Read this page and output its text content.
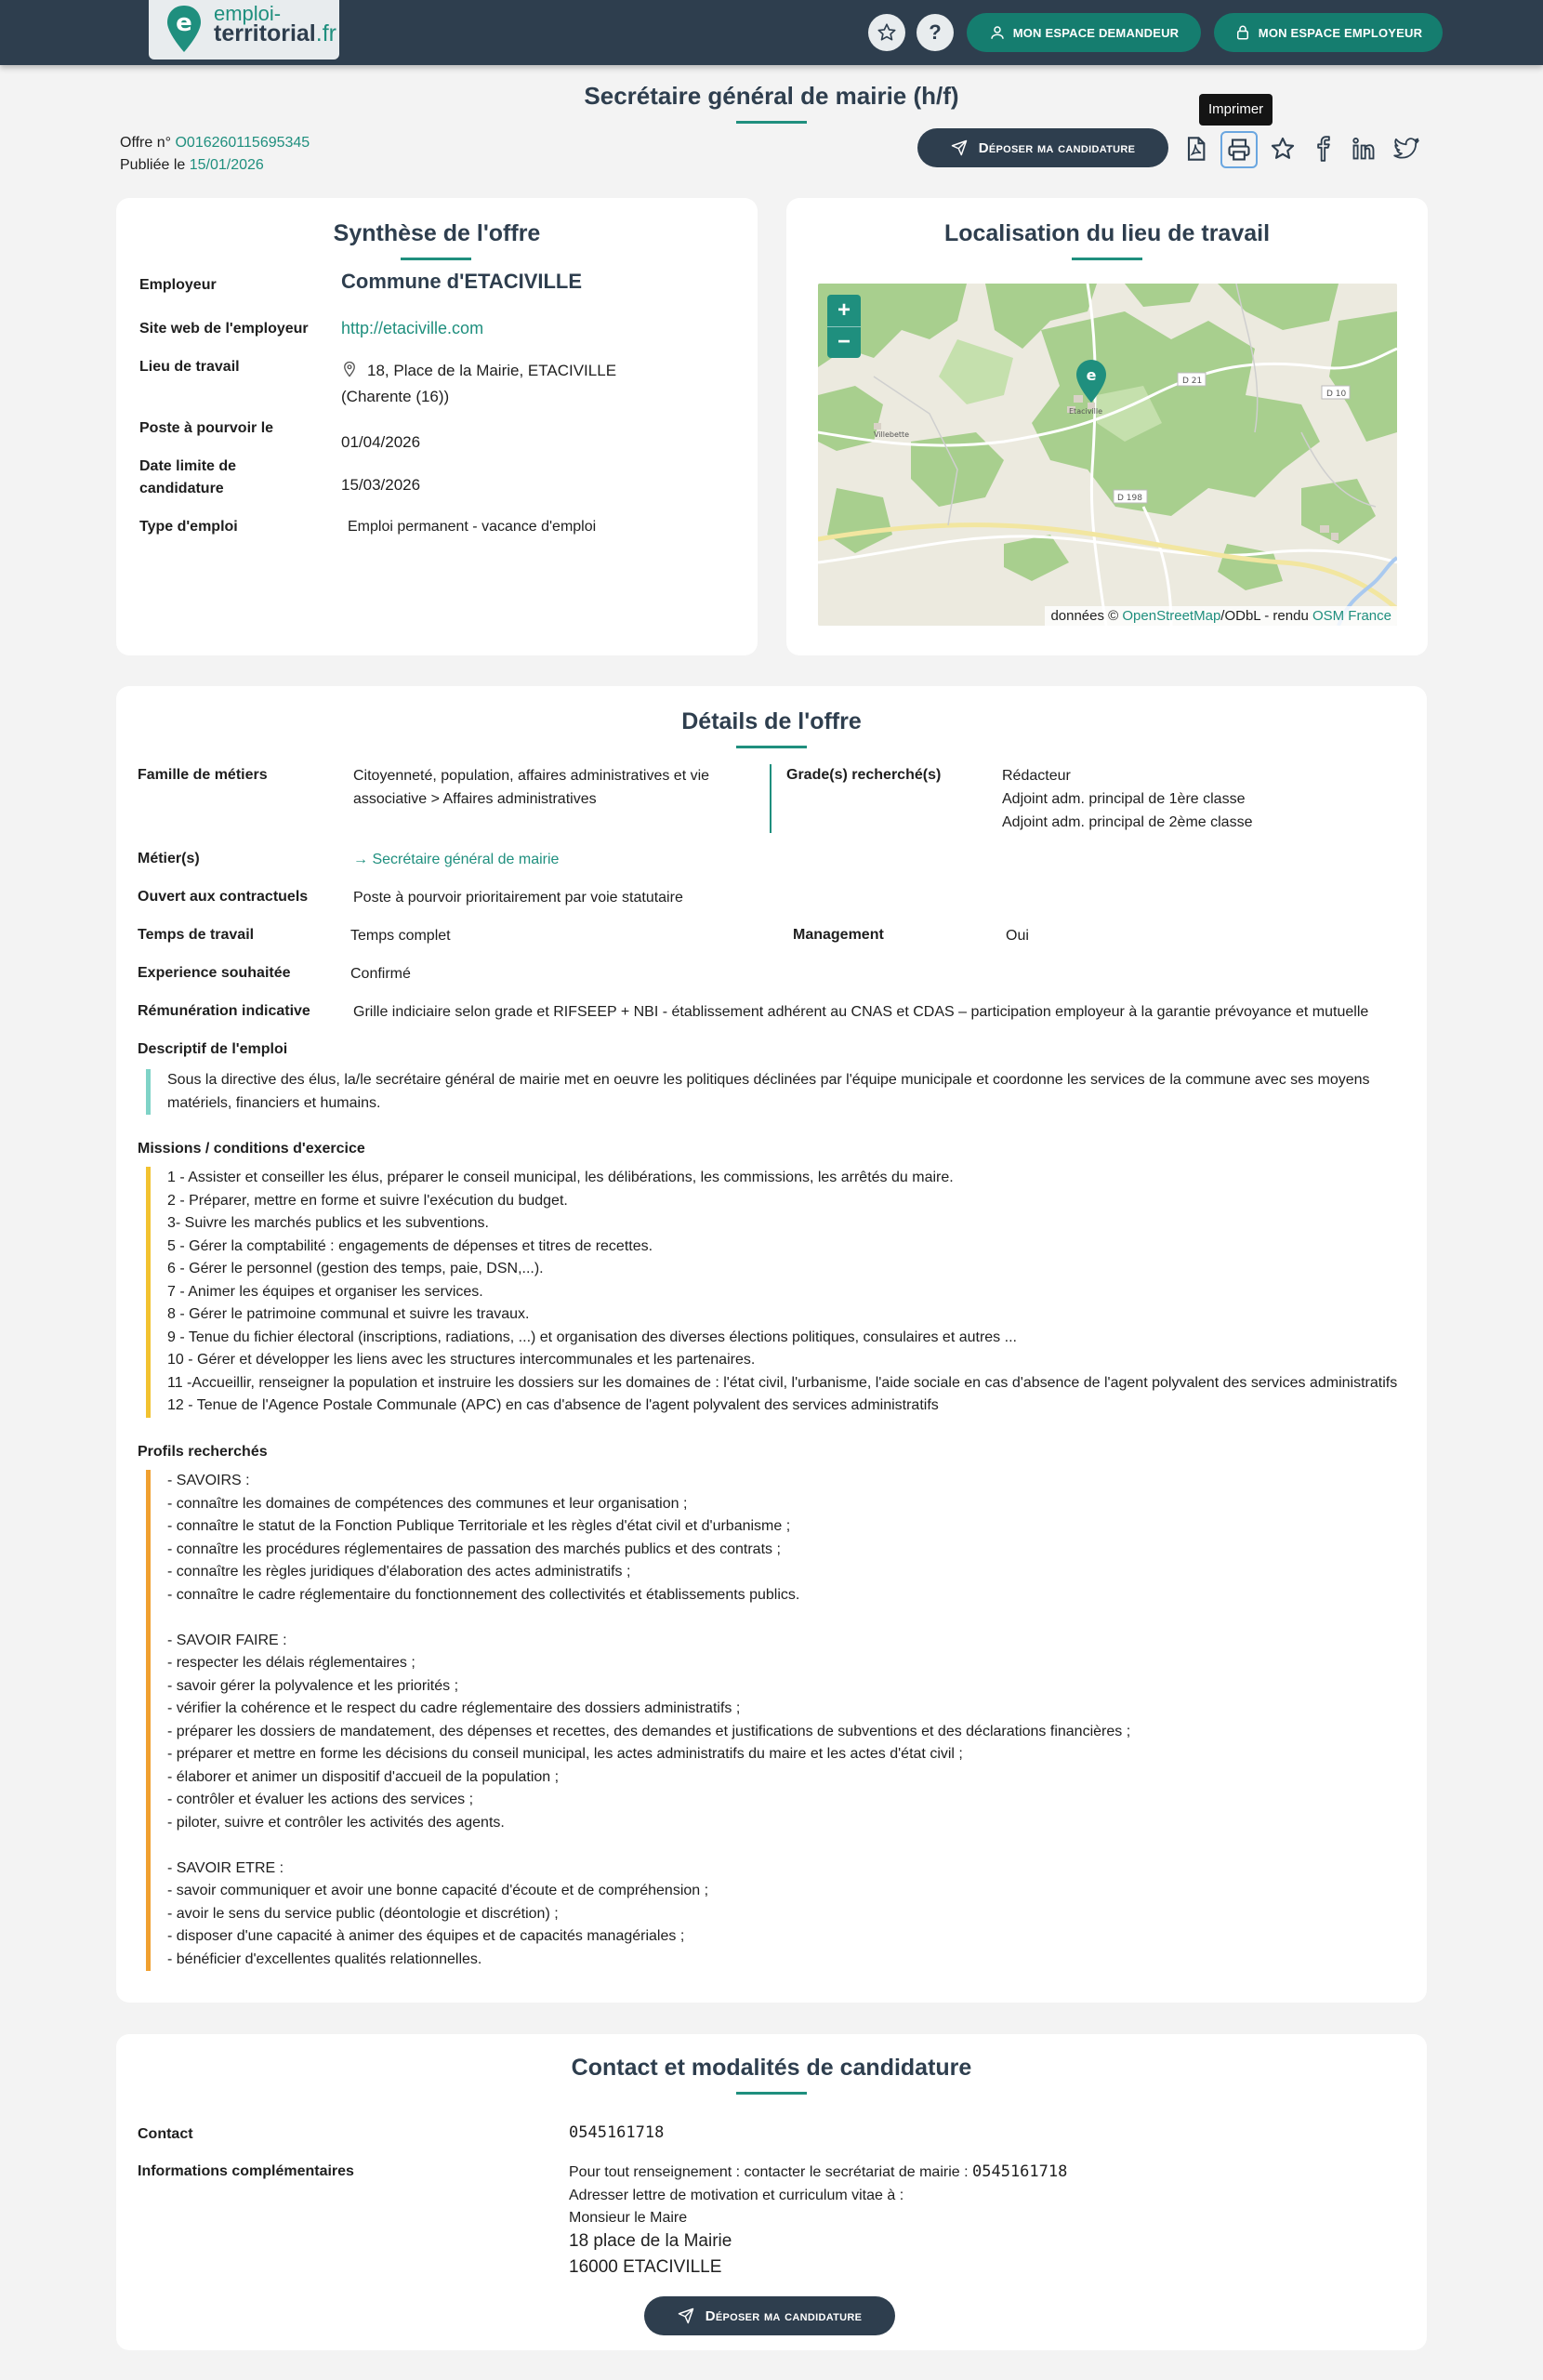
e emploi-
territorial.fr	?	MON ESPACE DEMANDEUR	MON ESPACE EMPLOYEUR
Secrétaire général de mairie (h/f)
Offre n° O016260115695345
Publiée le 15/01/2026
Déposer ma candidature
Imprimer
Synthèse de l'offre
Employeur	Commune d'ETACIVILLE
Site web de l'employeur http://etaciville.com
Lieu de travail	18, Place de la Mairie, ETACIVILLE
(Charente (16))
Poste à pourvoir le
01/04/2026
Date limite de
candidature	15/03/2026
Type d'emploi	Emploi permanent - vacance d'emploi
Localisation du lieu de travail
D 21
D 10
D 198
Etaciville
Villebette
e
+
−
données © OpenStreetMap/ODbL - rendu OSM France
Détails de l'offre
Famille de métiers	Citoyenneté, population, affaires administratives et vie
associative > Affaires administratives
Grade(s) recherché(s)	Rédacteur
Adjoint adm. principal de 1ère classe
Adjoint adm. principal de 2ème classe
Métier(s)	→ Secrétaire général de mairie
Ouvert aux contractuels	Poste à pourvoir prioritairement par voie statutaire
Temps de travail	Temps complet	Management	Oui
Experience souhaitée	Confirmé
Rémunération indicative	Grille indiciaire selon grade et RIFSEEP + NBI - établissement adhérent au CNAS et CDAS – participation employeur à la garantie prévoyance et mutuelle
Descriptif de l'emploi
Sous la directive des élus, la/le secrétaire général de mairie met en oeuvre les politiques déclinées par l'équipe municipale et coordonne les services de la commune avec ses moyens
matériels, financiers et humains.
Missions / conditions d'exercice
1 - Assister et conseiller les élus, préparer le conseil municipal, les délibérations, les commissions, les arrêtés du maire.
2 - Préparer, mettre en forme et suivre l'exécution du budget.
3- Suivre les marchés publics et les subventions.
5 - Gérer la comptabilité : engagements de dépenses et titres de recettes.
6 - Gérer le personnel (gestion des temps, paie, DSN,...).
7 - Animer les équipes et organiser les services.
8 - Gérer le patrimoine communal et suivre les travaux.
9 - Tenue du fichier électoral (inscriptions, radiations, ...) et organisation des diverses élections politiques, consulaires et autres ...
10 - Gérer et développer les liens avec les structures intercommunales et les partenaires.
11 -Accueillir, renseigner la population et instruire les dossiers sur les domaines de : l'état civil, l'urbanisme, l'aide sociale en cas d'absence de l'agent polyvalent des services administratifs
12 - Tenue de l'Agence Postale Communale (APC) en cas d'absence de l'agent polyvalent des services administratifs
Profils recherchés
- SAVOIRS :
- connaître les domaines de compétences des communes et leur organisation ;
- connaître le statut de la Fonction Publique Territoriale et les règles d'état civil et d'urbanisme ;
- connaître les procédures réglementaires de passation des marchés publics et des contrats ;
- connaître les règles juridiques d'élaboration des actes administratifs ;
- connaître le cadre réglementaire du fonctionnement des collectivités et établissements publics.
- SAVOIR FAIRE :
- respecter les délais réglementaires ;
- savoir gérer la polyvalence et les priorités ;
- vérifier la cohérence et le respect du cadre réglementaire des dossiers administratifs ;
- préparer les dossiers de mandatement, des dépenses et recettes, des demandes et justifications de subventions et des déclarations financières ;
- préparer et mettre en forme les décisions du conseil municipal, les actes administratifs du maire et les actes d'état civil ;
- élaborer et animer un dispositif d'accueil de la population ;
- contrôler et évaluer les actions des services ;
- piloter, suivre et contrôler les activités des agents.
- SAVOIR ETRE :
- savoir communiquer et avoir une bonne capacité d'écoute et de compréhension ;
- avoir le sens du service public (déontologie et discrétion) ;
- disposer d'une capacité à animer des équipes et de capacités managériales ;
- bénéficier d'excellentes qualités relationnelles.
Contact et modalités de candidature
Contact	0545161718
Informations complémentaires	Pour tout renseignement : contacter le secrétariat de mairie : 0545161718
Adresser lettre de motivation et curriculum vitae à :
Monsieur le Maire
18 place de la Mairie
16000 ETACIVILLE
Déposer ma candidature
